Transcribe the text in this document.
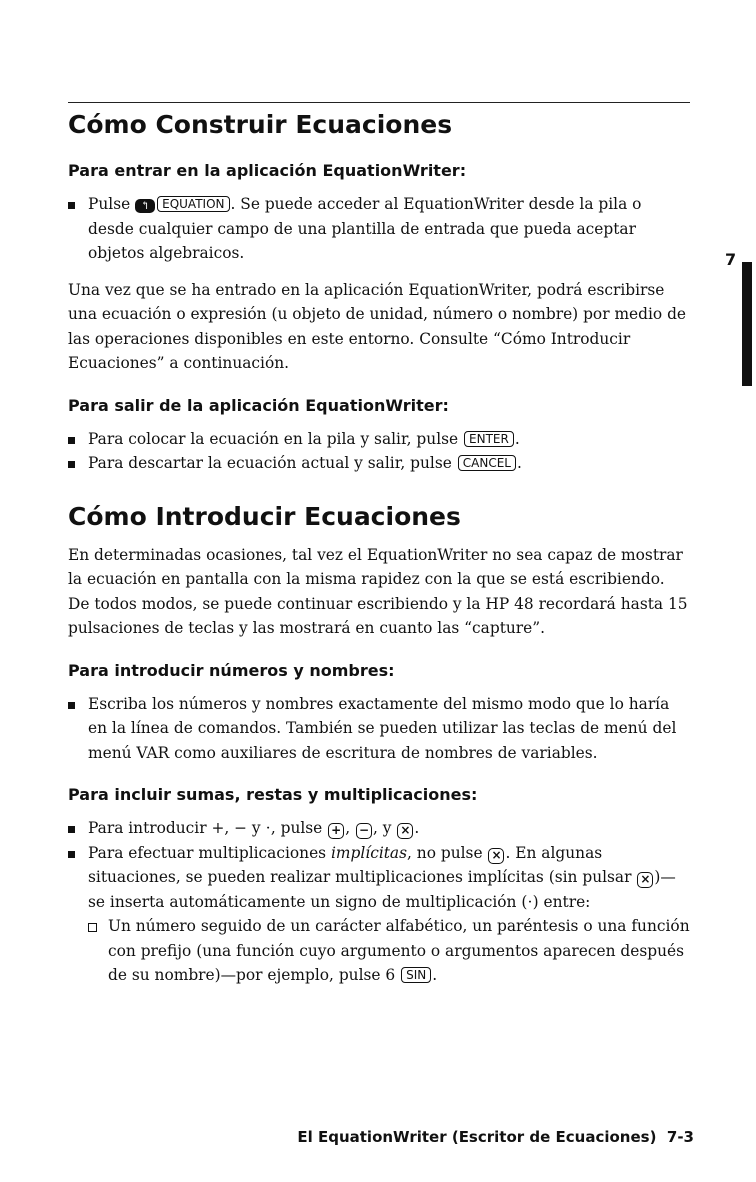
7
Cómo Construir Ecuaciones
Para entrar en la aplicación EquationWriter:
Pulse ↰ EQUATION . Se puede acceder al EquationWriter desde la pila o desde cualquier campo de una plantilla de entrada que pueda aceptar objetos algebraicos.

Una vez que se ha entrado en la aplicación EquationWriter, podrá escribirse una ecuación o expresión (u objeto de unidad, número o nombre) por medio de las operaciones disponibles en este entorno. Consulte “Cómo Introducir Ecuaciones” a continuación.

Para salir de la aplicación EquationWriter:
Para colocar la ecuación en la pila y salir, pulse ENTER .
Para descartar la ecuación actual y salir, pulse CANCEL .
Cómo Introducir Ecuaciones

En determinadas ocasiones, tal vez el EquationWriter no sea capaz de mostrar la ecuación en pantalla con la misma rapidez con la que se está escribiendo. De todos modos, se puede continuar escribiendo y la HP 48 recordará hasta 15 pulsaciones de teclas y las mostrará en cuanto las “capture”.

Para introducir números y nombres:
Escriba los números y nombres exactamente del mismo modo que lo haría en la línea de comandos. También se pueden utilizar las teclas de menú del menú VAR como auxiliares de escritura de nombres de variables.
Para incluir sumas, restas y multiplicaciones:
Para introducir +, − y ⋅, pulse + , − , y × .
Para efectuar multiplicaciones implícitas, no pulse × . En algunas situaciones, se pueden realizar multiplicaciones implícitas (sin pulsar × )—se inserta automáticamente un signo de multiplicación (⋅) entre:
Un número seguido de un carácter alfabético, un paréntesis o una función con prefijo (una función cuyo argumento o argumentos aparecen después de su nombre)—por ejemplo, pulse 6 SIN .
El EquationWriter (Escritor de Ecuaciones) 7-3
